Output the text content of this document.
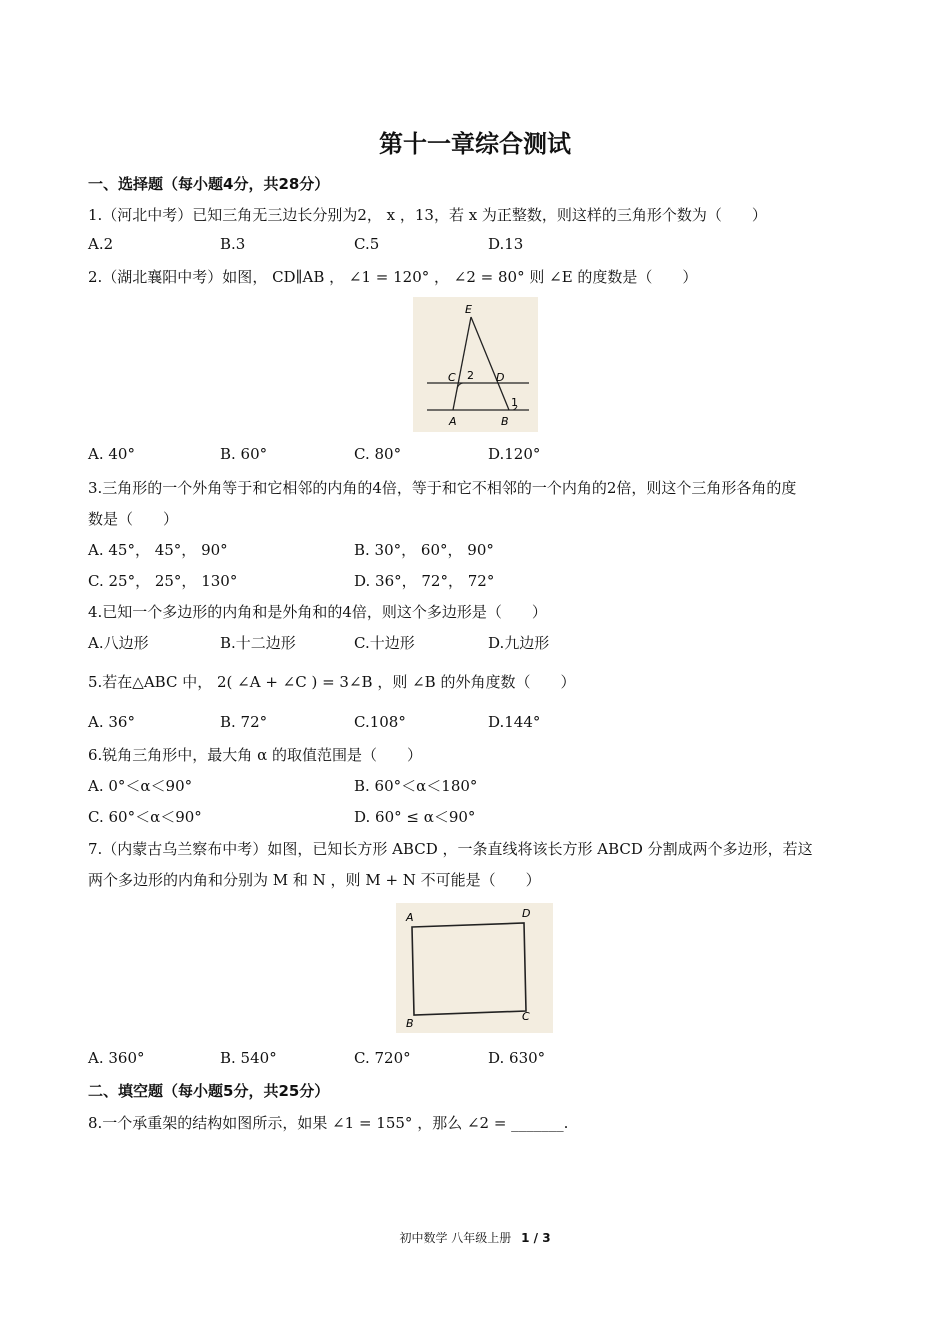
第十一章综合测试
一、选择题（每小题4分，共28分）
1.（河北中考）已知三角无三边长分别为2， x ，13，若 x 为正整数，则这样的三角形个数为（　　）
A.2	B.3	C.5	D.13
2.（湖北襄阳中考）如图， CD∥AB ， ∠1 = 120° ， ∠2 = 80° 则 ∠E 的度数是（　　）
E
C 2 D
1
A	B
A. 40°	B. 60°	C. 80°	D.120°
3.三角形的一个外角等于和它相邻的内角的4倍，等于和它不相邻的一个内角的2倍，则这个三角形各角的度
数是（　　）
A. 45°， 45°， 90°	B. 30°， 60°， 90°
C. 25°， 25°， 130°	D. 36°， 72°， 72°
4.已知一个多边形的内角和是外角和的4倍，则这个多边形是（　　）
A.八边形	B.十二边形	C.十边形	D.九边形
5.若在△ABC 中， 2( ∠A + ∠C ) = 3∠B ，则 ∠B 的外角度数（　　）
A. 36°	B. 72°	C.108°	D.144°
6.锐角三角形中，最大角 α 的取值范围是（　　）
A. 0°＜α＜90°	B. 60°＜α＜180°
C. 60°＜α＜90°	D. 60° ≤ α＜90°
7.（内蒙古乌兰察布中考）如图，已知长方形 ABCD ，一条直线将该长方形 ABCD 分割成两个多边形，若这
两个多边形的内角和分别为 M 和 N ，则 M + N 不可能是（　　）
A	D
B
C
A. 360°	B. 540°	C. 720°	D. 630°
二、填空题（每小题5分，共25分）
8.一个承重架的结构如图所示，如果 ∠1 = 155° ，那么 ∠2 = _______.
初中数学 八年级上册 1 / 3
